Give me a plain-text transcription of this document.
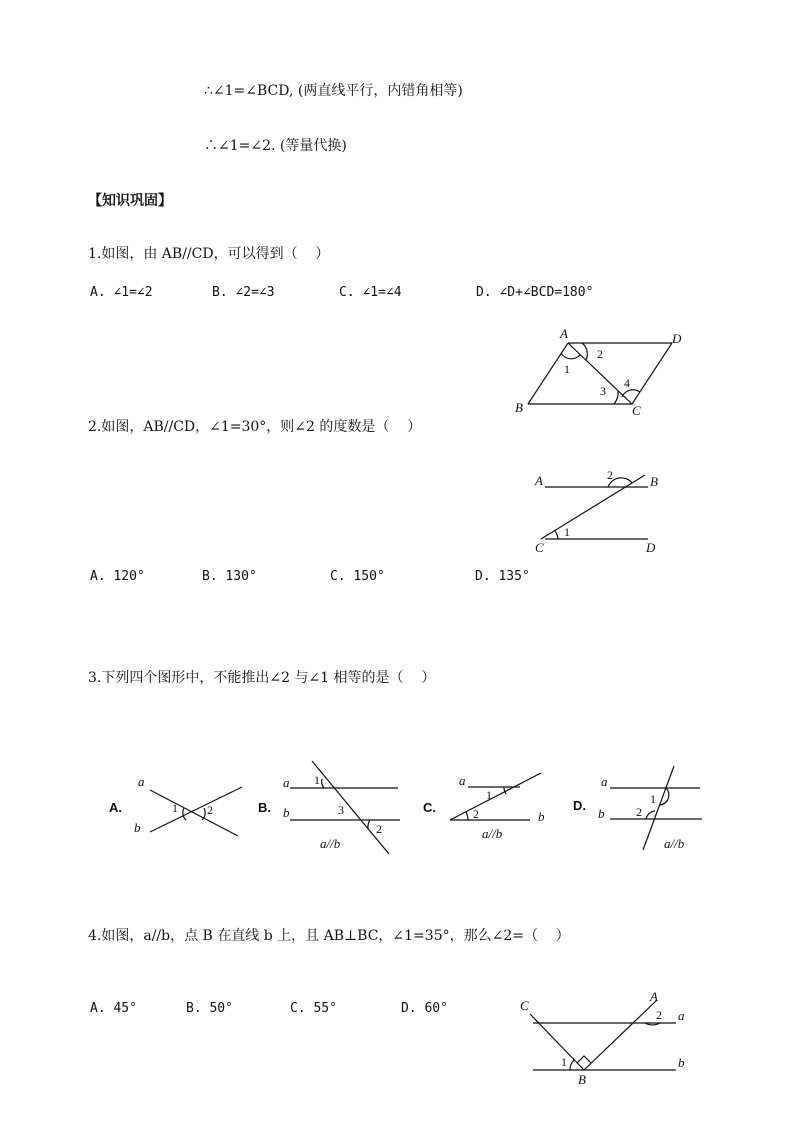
∴∠1=∠BCD, (两直线平行，内错角相等)
∴∠1=∠2. (等量代换)
【知识巩固】
1.如图，由 AB//CD，可以得到（    ）
A. ∠1=∠2	B. ∠2=∠3	C. ∠1=∠4	D. ∠D+∠BCD=180°
A	D
B	C
1
2
3
4
A	B
C	D
1
2
A.
a
b
1 2	B.
a
b
1
3
2
a//b
C.
a
b
1
2
a//b
D.
a
b
1
2
a//b
C
A
a
b
B
1
2
2.如图，AB//CD，∠1=30°，则∠2 的度数是（    ）
A. 120°	B. 130°	C. 150°	D. 135°
3.下列四个图形中，不能推出∠2 与∠1 相等的是（    ）
4.如图，a//b，点 B 在直线 b 上，且 AB⊥BC，∠1=35°，那么∠2=（    ）
A. 45°	B. 50°	C. 55°	D. 60°
